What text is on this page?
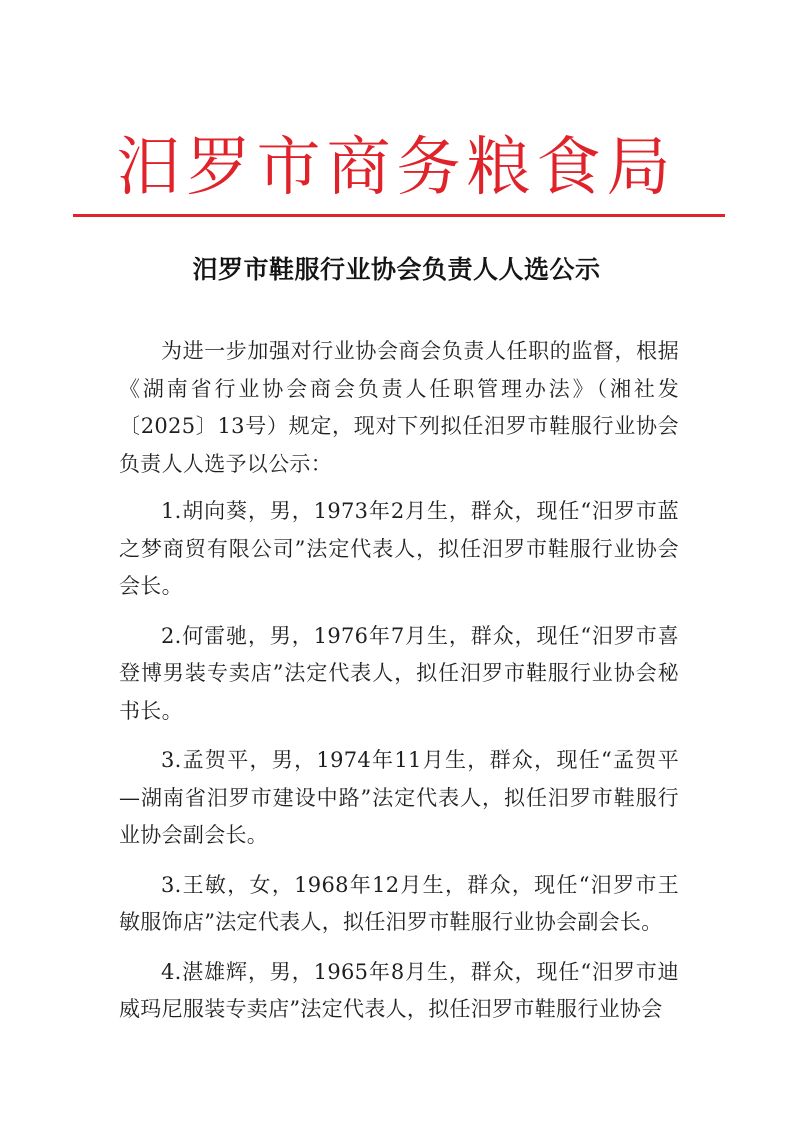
汨罗市商务粮食局
汨罗市鞋服行业协会负责人人选公示

为进一步加强对行业协会商会负责人任职的监督，根据《湖南省行业协会商会负责人任职管理办法》（湘社发〔2025〕13号）规定，现对下列拟任汨罗市鞋服行业协会负责人人选予以公示：

1.胡向葵，男，1973年2月生，群众，现任“汨罗市蓝之梦商贸有限公司”法定代表人，拟任汨罗市鞋服行业协会会长。

2.何雷驰，男，1976年7月生，群众，现任“汨罗市喜登博男装专卖店”法定代表人，拟任汨罗市鞋服行业协会秘书长。

3.孟贺平，男，1974年11月生，群众，现任“孟贺平—湖南省汨罗市建设中路”法定代表人，拟任汨罗市鞋服行业协会副会长。

3.王敏，女，1968年12月生，群众，现任“汨罗市王敏服饰店”法定代表人，拟任汨罗市鞋服行业协会副会长。

4.湛雄辉，男，1965年8月生，群众，现任“汨罗市迪威玛尼服装专卖店”法定代表人，拟任汨罗市鞋服行业协会
